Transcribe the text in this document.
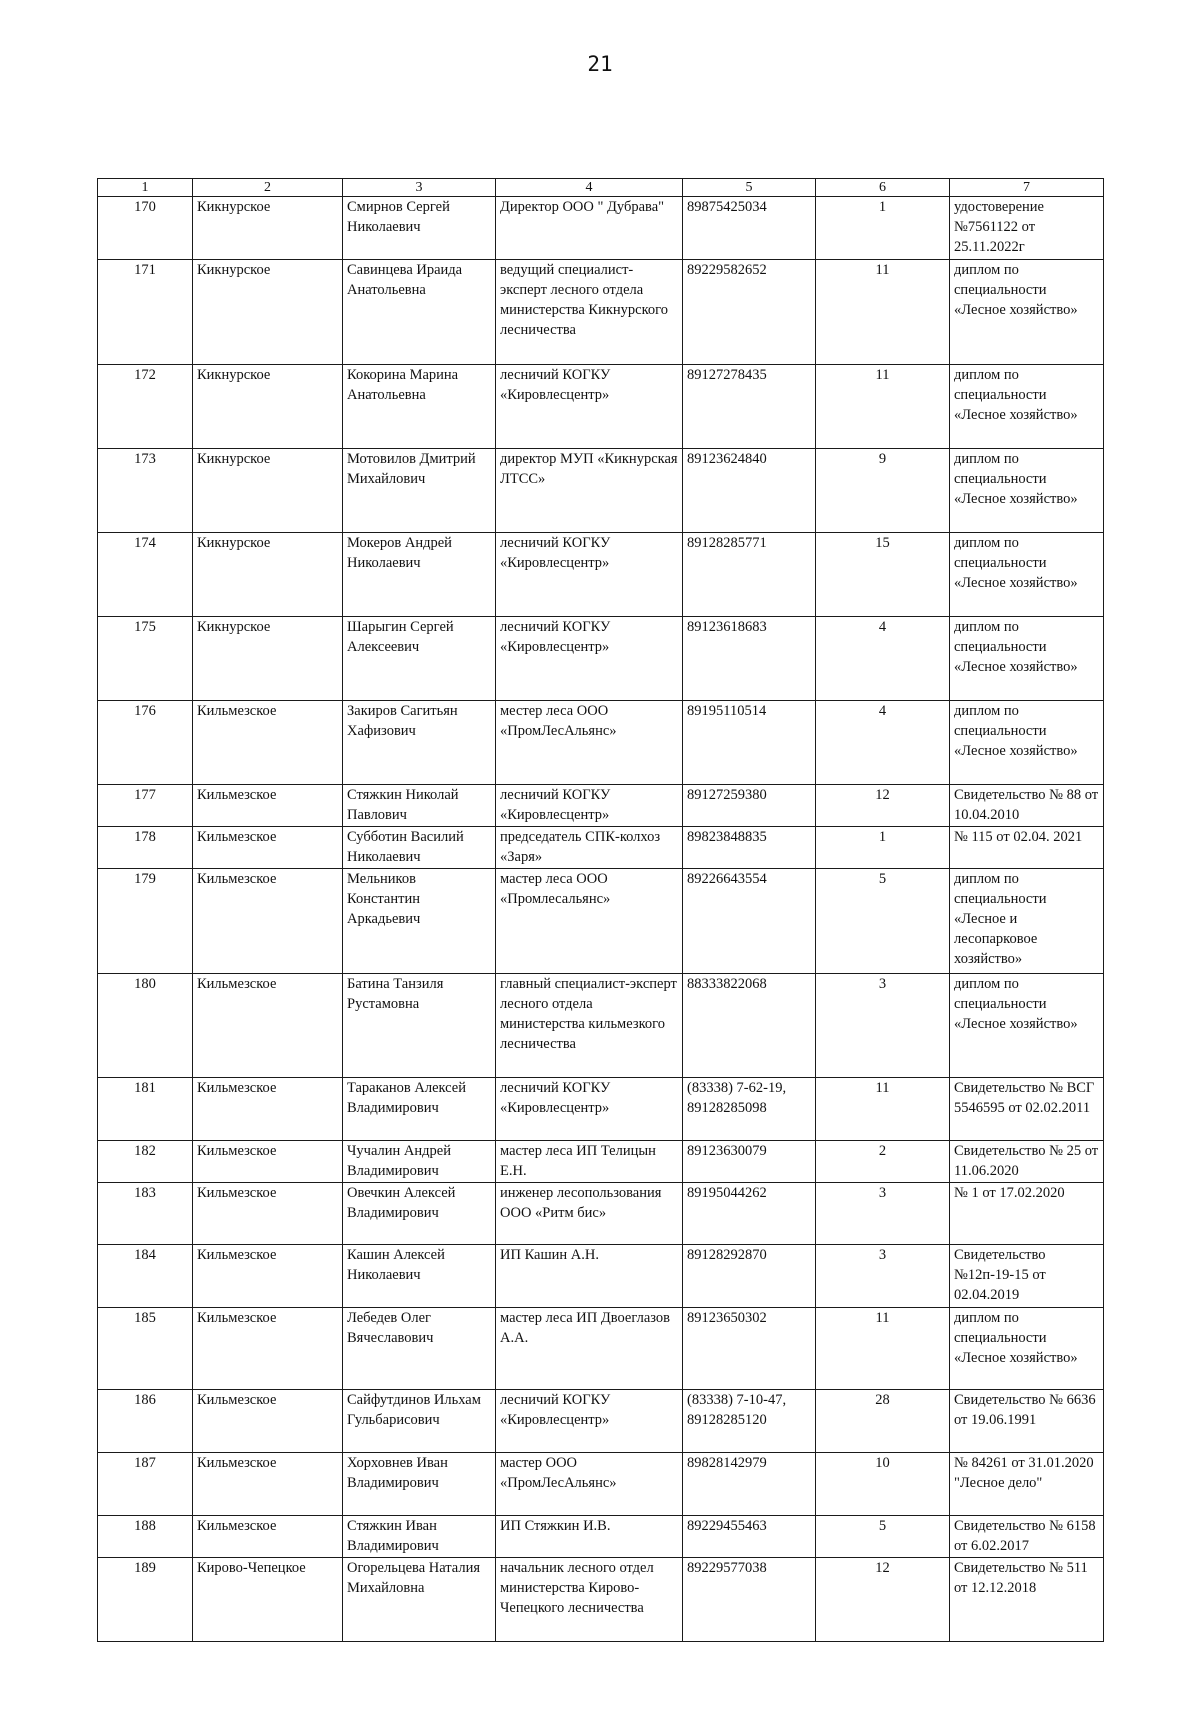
21
1	2	3	4	5	6	7
170	Кикнурское	Смирнов Сергей Николаевич	Директор ООО " Дубрава"	89875425034	1	удостоверение №7561122 от 25.11.2022г
171	Кикнурское	Савинцева Ираида Анатольевна	ведущий специалист-эксперт лесного отдела министерства Кикнурского лесничества	89229582652	11	диплом по специальности «Лесное хозяйство»
172	Кикнурское	Кокорина Марина Анатольевна	лесничий КОГКУ «Кировлесцентр»	89127278435	11	диплом по специальности «Лесное хозяйство»
173	Кикнурское	Мотовилов Дмитрий Михайлович	директор МУП «Кикнурская ЛТСС»	89123624840	9	диплом по специальности «Лесное хозяйство»
174	Кикнурское	Мокеров Андрей Николаевич	лесничий КОГКУ «Кировлесцентр»	89128285771	15	диплом по специальности «Лесное хозяйство»
175	Кикнурское	Шарыгин Сергей Алексеевич	лесничий КОГКУ «Кировлесцентр»	89123618683	4	диплом по специальности «Лесное хозяйство»
176	Кильмезское	Закиров Сагитьян Хафизович	местер леса ООО «ПромЛесАльянс»	89195110514	4	диплом по специальности «Лесное хозяйство»
177	Кильмезское	Стяжкин Николай Павлович	лесничий КОГКУ «Кировлесцентр»	89127259380	12	Свидетельство № 88 от 10.04.2010
178	Кильмезское	Субботин Василий Николаевич	председатель СПК-колхоз «Заря»	89823848835	1	№ 115 от 02.04. 2021
179	Кильмезское	Мельников Константин Аркадьевич	мастер леса ООО «Промлесальянс»	89226643554	5	диплом по специальности «Лесное и лесопарковое хозяйство»
180	Кильмезское	Батина Танзиля Рустамовна	главный специалист-эксперт лесного отдела министерства кильмезкого лесничества	88333822068	3	диплом по специальности «Лесное хозяйство»
181	Кильмезское	Тараканов Алексей Владимирович	лесничий КОГКУ «Кировлесцентр»	(83338) 7-62-19, 89128285098	11	Свидетельство № ВСГ 5546595 от 02.02.2011
182	Кильмезское	Чучалин Андрей Владимирович	мастер леса ИП Телицын Е.Н.	89123630079	2	Свидетельство № 25 от 11.06.2020
183	Кильмезское	Овечкин Алексей Владимирович	инженер лесопользования ООО «Ритм бис»	89195044262	3	№ 1 от 17.02.2020
184	Кильмезское	Кашин Алексей Николаевич	ИП Кашин А.Н.	89128292870	3	Свидетельство №12п-19-15 от 02.04.2019
185	Кильмезское	Лебедев Олег Вячеславович	мастер леса ИП Двоеглазов А.А.	89123650302	11	диплом по специальности «Лесное хозяйство»
186	Кильмезское	Сайфутдинов Ильхам Гульбарисович	лесничий КОГКУ «Кировлесцентр»	(83338) 7-10-47, 89128285120	28	Свидетельство № 6636 от 19.06.1991
187	Кильмезское	Хорховнев Иван Владимирович	мастер ООО «ПромЛесАльянс»	89828142979	10	№ 84261 от 31.01.2020 "Лесное дело"
188	Кильмезское	Стяжкин Иван Владимирович	ИП Стяжкин И.В.	89229455463	5	Свидетельство № 6158 от 6.02.2017
189	Кирово-Чепецкое	Огорельцева Наталия Михайловна	начальник лесного отдел министерства Кирово-Чепецкого лесничества	89229577038	12	Свидетельство № 511 от 12.12.2018
